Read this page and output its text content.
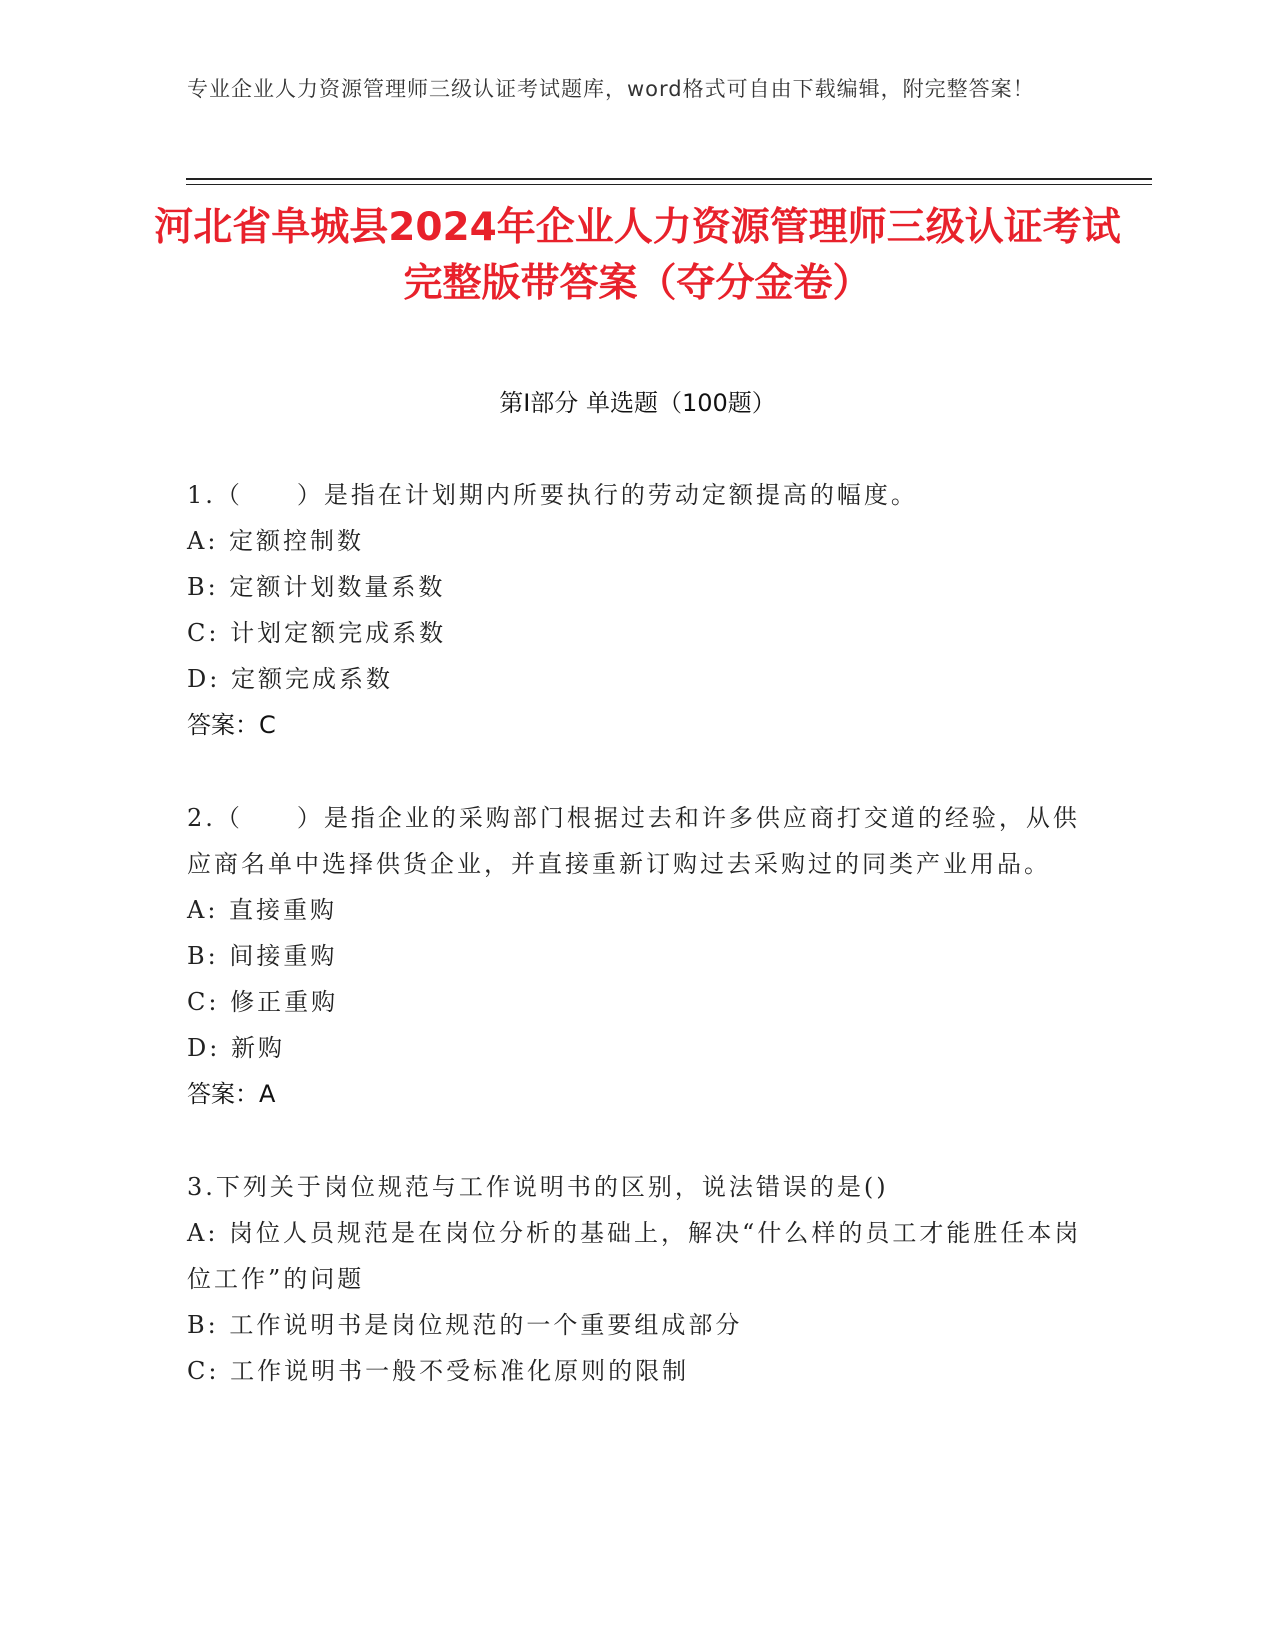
专业企业人力资源管理师三级认证考试题库，word格式可自由下载编辑，附完整答案！
河北省阜城县2024年企业人力资源管理师三级认证考试完整版带答案（夺分金卷）
第Ⅰ部分 单选题（100题）

1.（　　）是指在计划期内所要执行的劳动定额提高的幅度。

A: 定额控制数

B: 定额计划数量系数

C: 计划定额完成系数

D: 定额完成系数

答案：C

2.（　　）是指企业的采购部门根据过去和许多供应商打交道的经验，从供应商名单中选择供货企业，并直接重新订购过去采购过的同类产业用品。

A: 直接重购

B: 间接重购

C: 修正重购

D: 新购

答案：A

3.下列关于岗位规范与工作说明书的区别，说法错误的是()

A: 岗位人员规范是在岗位分析的基础上，解决“什么样的员工才能胜任本岗位工作”的问题

B: 工作说明书是岗位规范的一个重要组成部分

C: 工作说明书一般不受标准化原则的限制
